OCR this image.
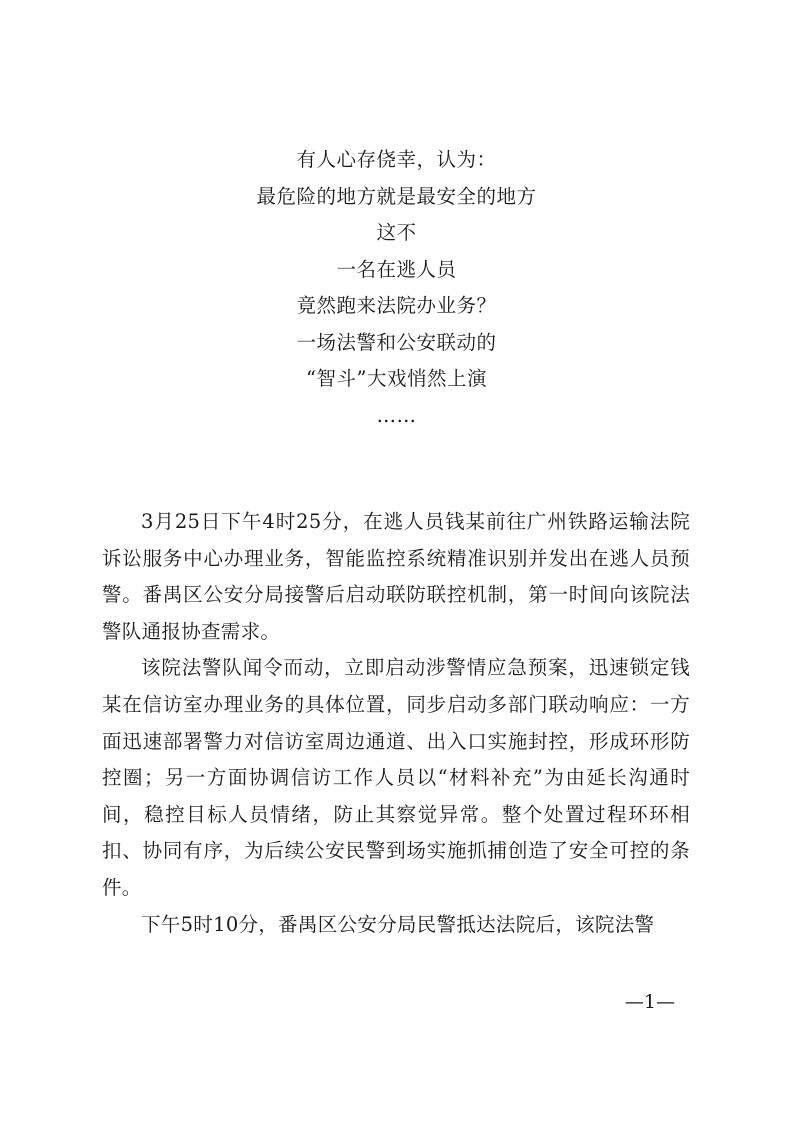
有人心存侥幸，认为：
最危险的地方就是最安全的地方
这不
一名在逃人员
竟然跑来法院办业务？
一场法警和公安联动的
“智斗”大戏悄然上演
……

3月25日下午4时25分，在逃人员钱某前往广州铁路运输法院诉讼服务中心办理业务，智能监控系统精准识别并发出在逃人员预警。番禺区公安分局接警后启动联防联控机制，第一时间向该院法警队通报协查需求。

该院法警队闻令而动，立即启动涉警情应急预案，迅速锁定钱某在信访室办理业务的具体位置，同步启动多部门联动响应：一方面迅速部署警力对信访室周边通道、出入口实施封控，形成环形防控圈；另一方面协调信访工作人员以“材料补充”为由延长沟通时间，稳控目标人员情绪，防止其察觉异常。整个处置过程环环相扣、协同有序，为后续公安民警到场实施抓捕创造了安全可控的条件。

下午5时10分，番禺区公安分局民警抵达法院后，该院法警

—1—
